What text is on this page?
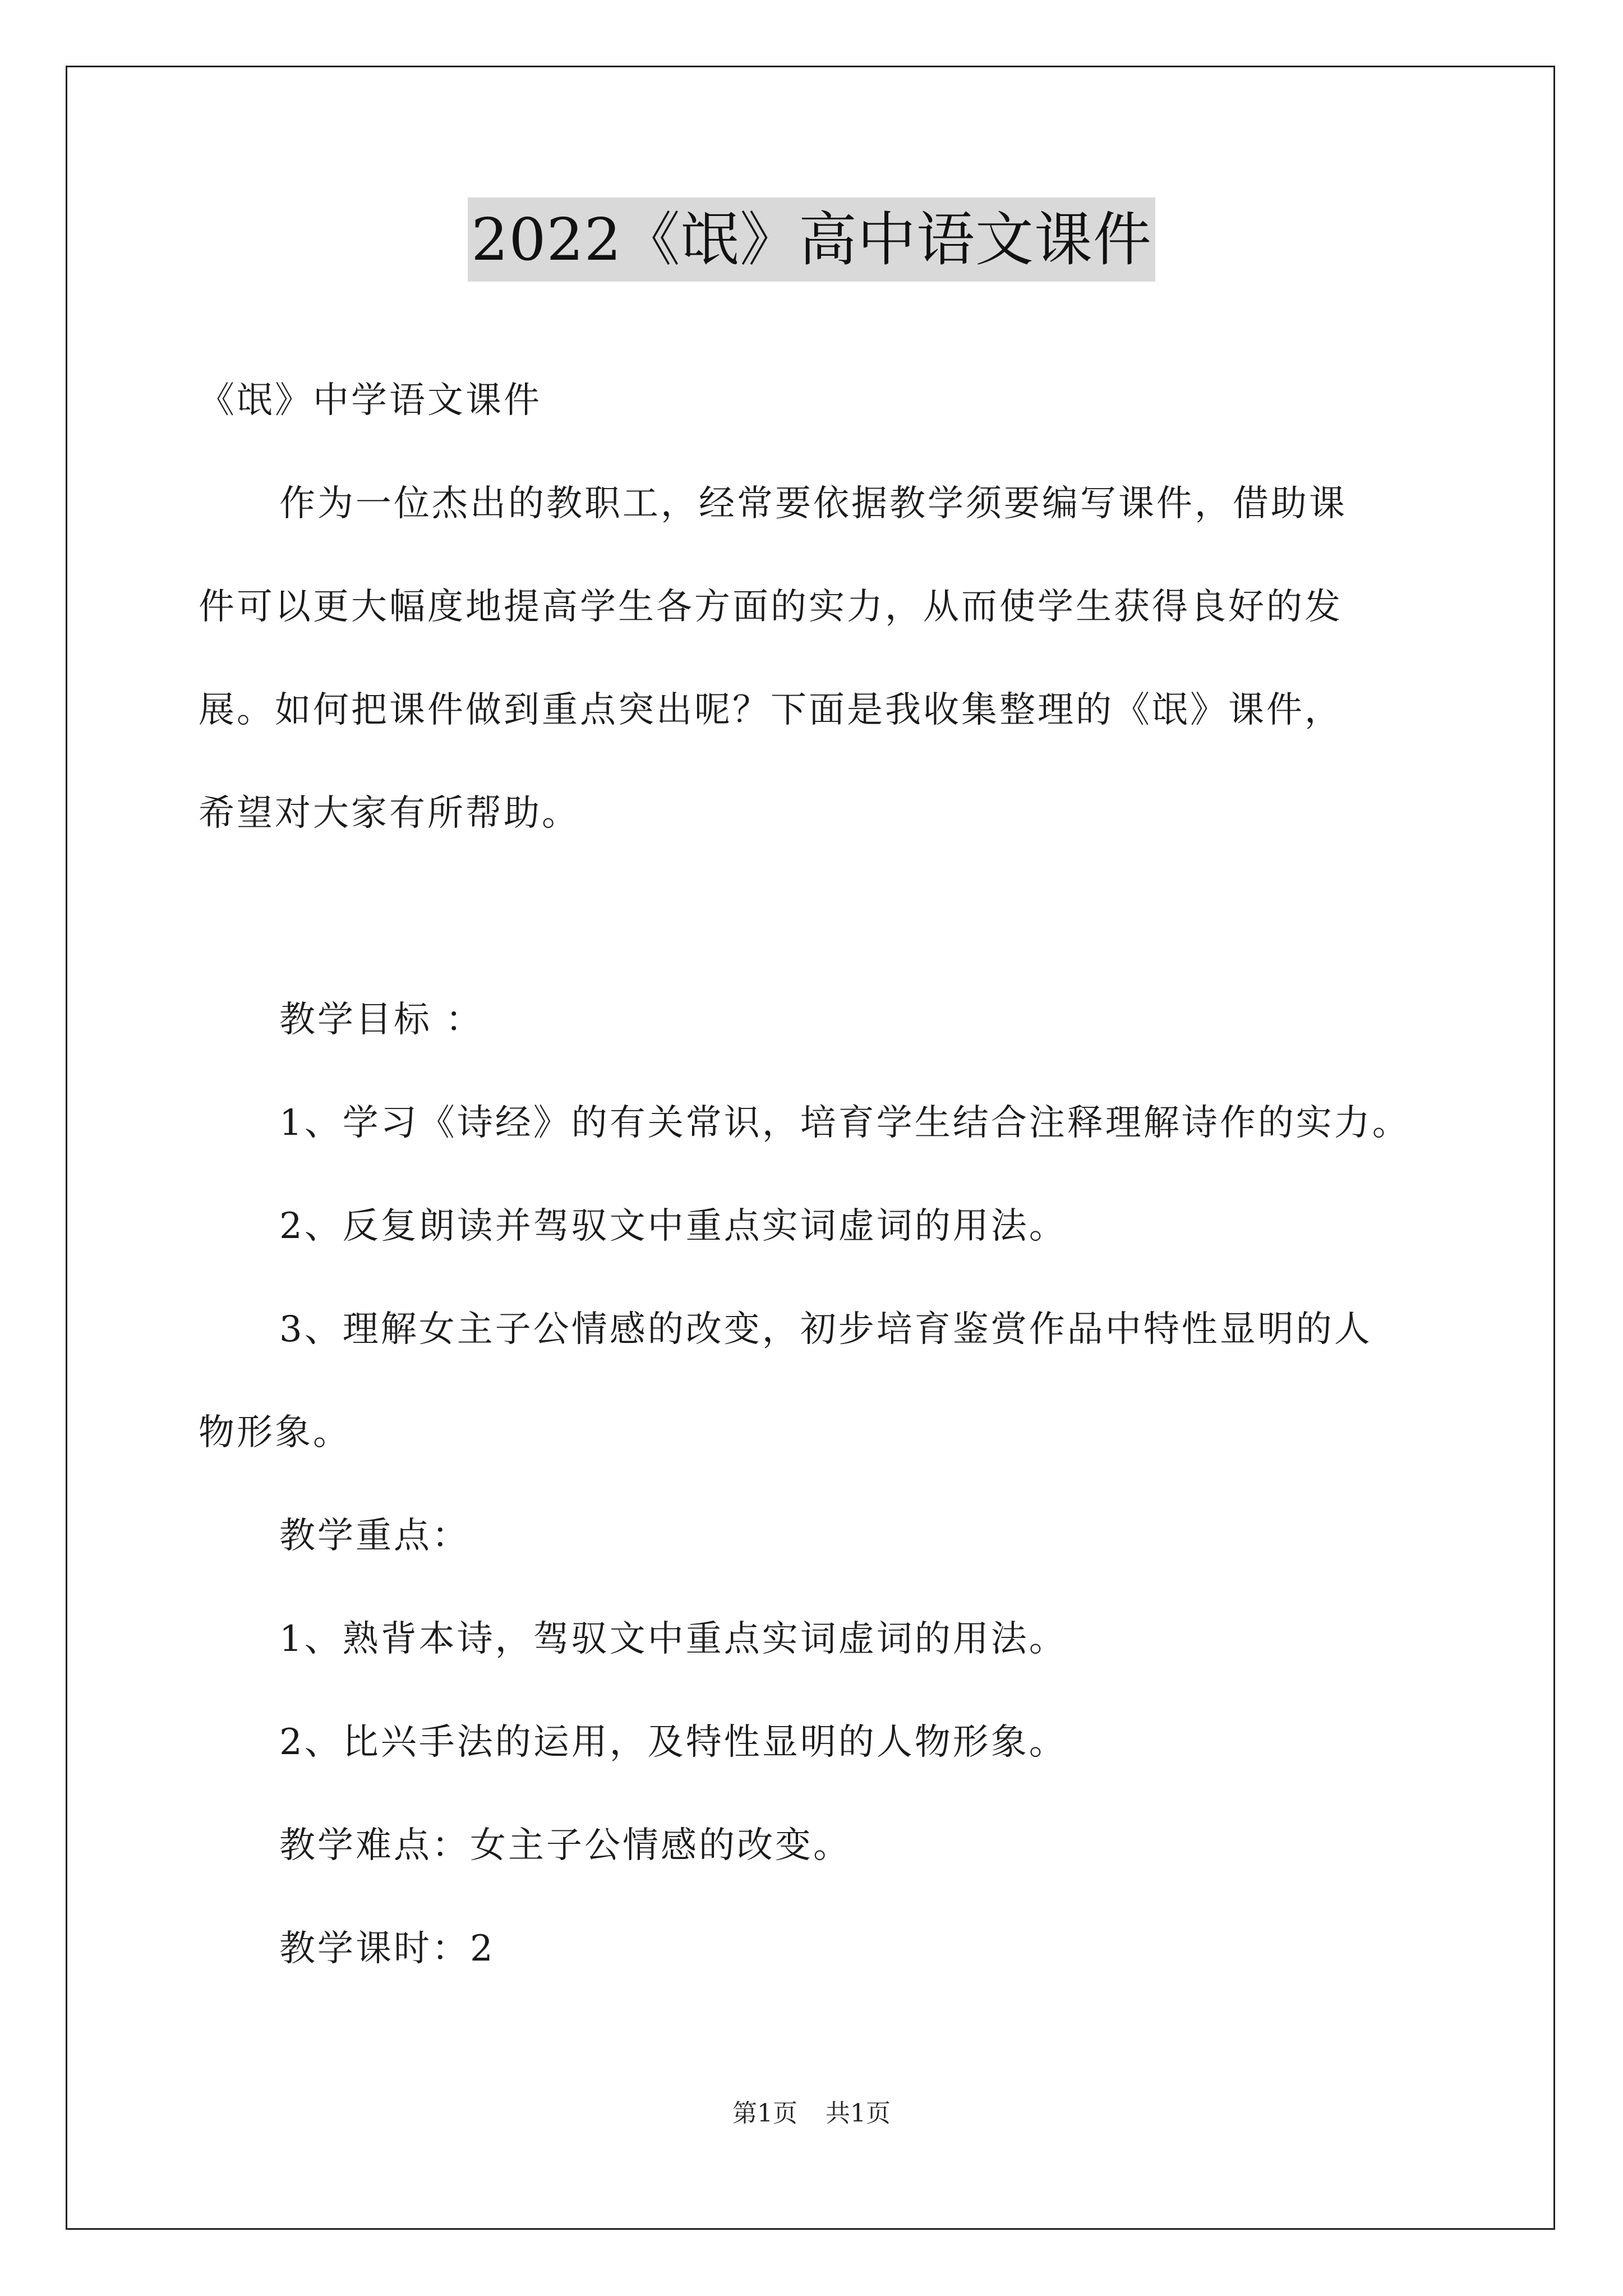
2022《氓》高中语文课件
《氓》中学语文课件
作为一位杰出的教职工，经常要依据教学须要编写课件，借助课
件可以更大幅度地提高学生各方面的实力，从而使学生获得良好的发
展。如何把课件做到重点突出呢？下面是我收集整理的《氓》课件，
希望对大家有所帮助。
教学目标 ：
1、学习《诗经》的有关常识，培育学生结合注释理解诗作的实力。
2、反复朗读并驾驭文中重点实词虚词的用法。
3、理解女主子公情感的改变，初步培育鉴赏作品中特性显明的人
物形象。
教学重点：
1、熟背本诗，驾驭文中重点实词虚词的用法。
2、比兴手法的运用，及特性显明的人物形象。
教学难点：女主子公情感的改变。
教学课时：2
第1页 共1页
